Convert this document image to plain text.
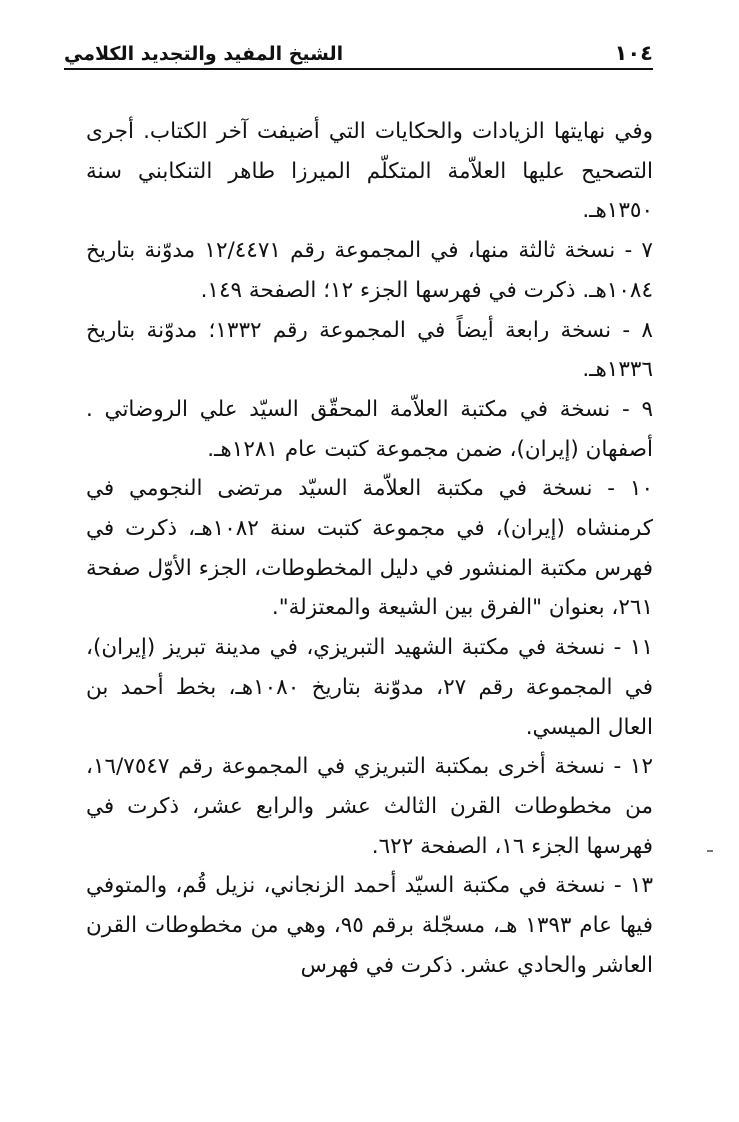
الشيخ المفيد والتجديد الكلامي	١٠٤

وفي نهايتها الزيادات والحكايات التي أضيفت آخر الكتاب. أجرى التصحيح عليها العلاّمة المتكلّم الميرزا طاهر التنكابني سنة ١٣٥٠هـ.

٧ - نسخة ثالثة منها، في المجموعة رقم ١٢/٤٤٧١ مدوّنة بتاريخ ١٠٨٤هـ. ذكرت في فهرسها الجزء ١٢؛ الصفحة ١٤٩.

٨ - نسخة رابعة أيضاً في المجموعة رقم ١٣٣٢؛ مدوّنة بتاريخ ١٣٣٦هـ.

٩ - نسخة في مكتبة العلاّمة المحقّق السيّد علي الروضاتي . أصفهان (إيران)، ضمن مجموعة كتبت عام ١٢٨١هـ.

١٠ - نسخة في مكتبة العلاّمة السيّد مرتضى النجومي في كرمنشاه (إيران)، في مجموعة كتبت سنة ١٠٨٢هـ، ذكرت في فهرس مكتبة المنشور في دليل المخطوطات، الجزء الأوّل صفحة ٢٦١، بعنوان "الفرق بين الشيعة والمعتزلة".

١١ - نسخة في مكتبة الشهيد التبريزي، في مدينة تبريز (إيران)، في المجموعة رقم ٢٧، مدوّنة بتاريخ ١٠٨٠هـ، بخط أحمد بن العال الميسي.

١٢ - نسخة أخرى بمكتبة التبريزي في المجموعة رقم ١٦/٧٥٤٧، من مخطوطات القرن الثالث عشر والرابع عشر، ذكرت في فهرسها الجزء ١٦، الصفحة ٦٢٢.

١٣ - نسخة في مكتبة السيّد أحمد الزنجاني، نزيل قُم، والمتوفي فيها عام ١٣٩٣ هـ، مسجّلة برقم ٩٥، وهي من مخطوطات القرن العاشر والحادي عشر. ذكرت في فهرس
